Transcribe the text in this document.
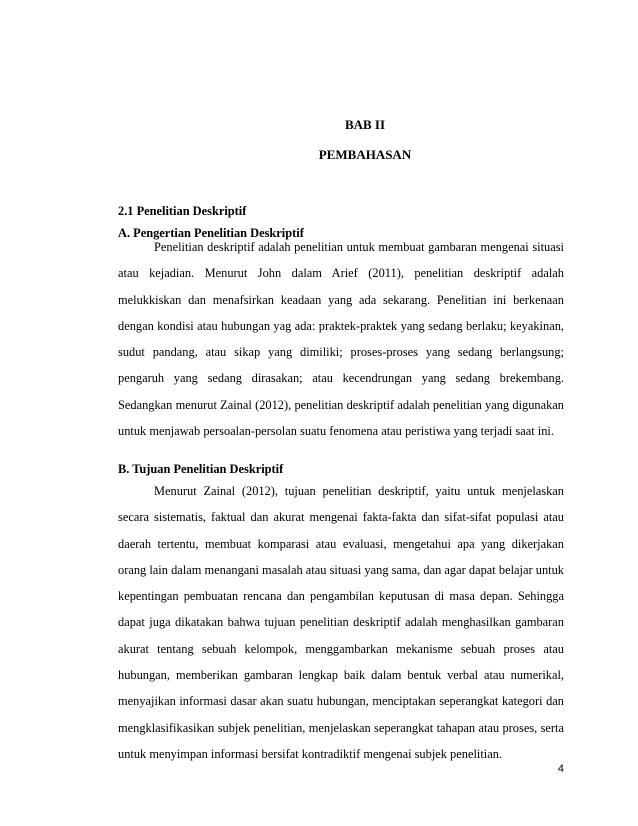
BAB II
PEMBAHASAN
2.1 Penelitian Deskriptif
A. Pengertian Penelitian Deskriptif

Penelitian deskriptif adalah penelitian untuk membuat gambaran mengenai situasi atau kejadian. Menurut John dalam Arief (2011), penelitian deskriptif adalah melukkiskan dan menafsirkan keadaan yang ada sekarang. Penelitian ini berkenaan dengan kondisi atau hubungan yag ada: praktek-praktek yang sedang berlaku; keyakinan, sudut pandang, atau sikap yang dimiliki; proses-proses yang sedang berlangsung; pengaruh yang sedang dirasakan; atau kecendrungan yang sedang brekembang. Sedangkan menurut Zainal (2012), penelitian deskriptif adalah penelitian yang digunakan untuk menjawab persoalan-persolan suatu fenomena atau peristiwa yang terjadi saat ini.

B. Tujuan Penelitian Deskriptif

Menurut Zainal (2012), tujuan penelitian deskriptif, yaitu untuk menjelaskan secara sistematis, faktual dan akurat mengenai fakta-fakta dan sifat-sifat populasi atau daerah tertentu, membuat komparasi atau evaluasi, mengetahui apa yang dikerjakan orang lain dalam menangani masalah atau situasi yang sama, dan agar dapat belajar untuk kepentingan pembuatan rencana dan pengambilan keputusan di masa depan. Sehingga dapat juga dikatakan bahwa tujuan penelitian deskriptif adalah menghasilkan gambaran akurat tentang sebuah kelompok, menggambarkan mekanisme sebuah proses atau hubungan, memberikan gambaran lengkap baik dalam bentuk verbal atau numerikal, menyajikan informasi dasar akan suatu hubungan, menciptakan seperangkat kategori dan mengklasifikasikan subjek penelitian, menjelaskan seperangkat tahapan atau proses, serta untuk menyimpan informasi bersifat kontradiktif mengenai subjek penelitian.

4
